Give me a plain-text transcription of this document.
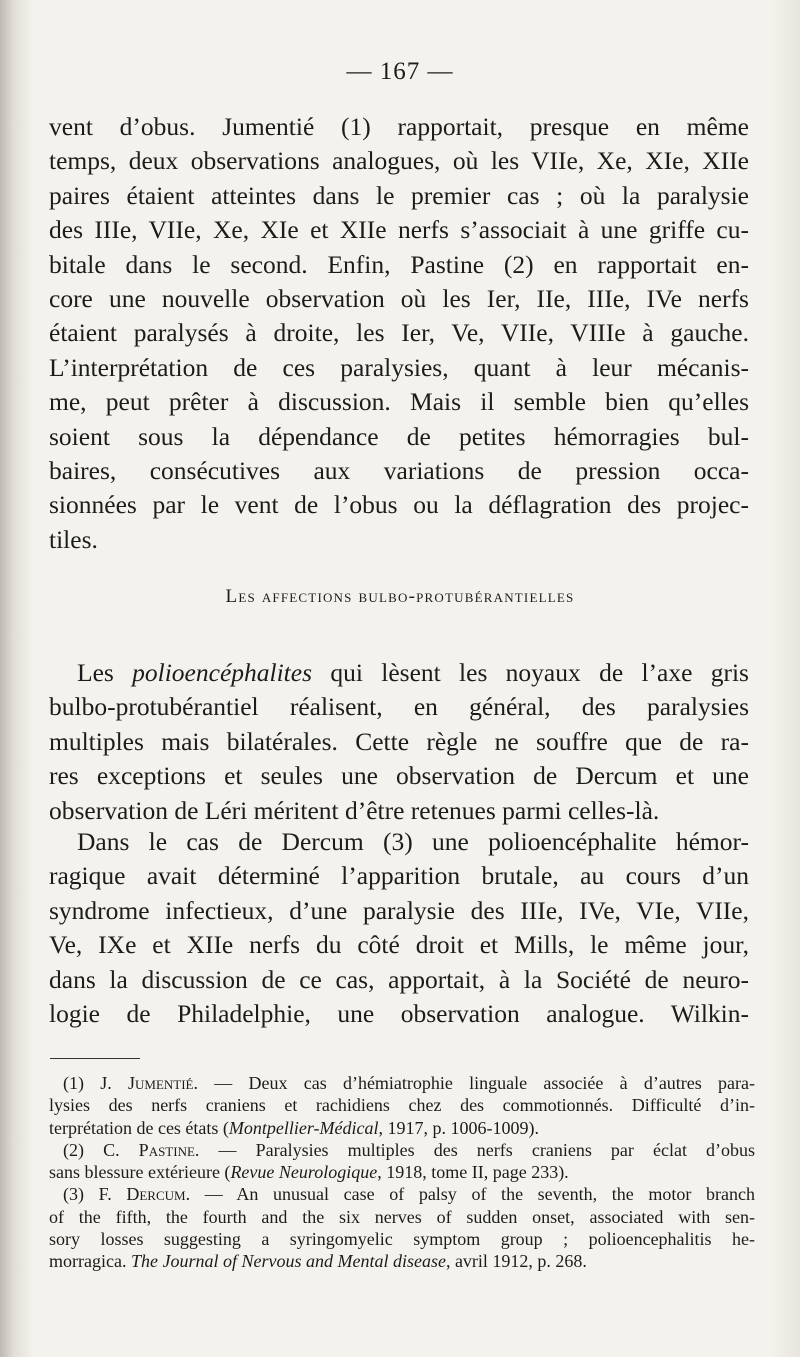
— 167 —
vent d’obus. Jumentié (1) rapportait, presque en même
temps, deux observations analogues, où les VIIe, Xe, XIe, XIIe
paires étaient atteintes dans le premier cas ; où la paralysie
des IIIe, VIIe, Xe, XIe et XIIe nerfs s’associait à une griffe cu-
bitale dans le second. Enfin, Pastine (2) en rapportait en-
core une nouvelle observation où les Ier, IIe, IIIe, IVe nerfs
étaient paralysés à droite, les Ier, Ve, VIIe, VIIIe à gauche.
L’interprétation de ces paralysies, quant à leur mécanis-
me, peut prêter à discussion. Mais il semble bien qu’elles
soient sous la dépendance de petites hémorragies bul-
baires, consécutives aux variations de pression occa-
sionnées par le vent de l’obus ou la déflagration des projec-
tiles.
Les affections bulbo-protubérantielles
Les polioencéphalites qui lèsent les noyaux de l’axe gris
bulbo-protubérantiel réalisent, en général, des paralysies
multiples mais bilatérales. Cette règle ne souffre que de ra-
res exceptions et seules une observation de Dercum et une
observation de Léri méritent d’être retenues parmi celles-là.
Dans le cas de Dercum (3) une polioencéphalite hémor-
ragique avait déterminé l’apparition brutale, au cours d’un
syndrome infectieux, d’une paralysie des IIIe, IVe, VIe, VIIe,
Ve, IXe et XIIe nerfs du côté droit et Mills, le même jour,
dans la discussion de ce cas, apportait, à la Société de neuro-
logie de Philadelphie, une observation analogue. Wilkin-
(1) J. Jumentié. — Deux cas d’hémiatrophie linguale associée à d’autres para-
lysies des nerfs craniens et rachidiens chez des commotionnés. Difficulté d’in-
terprétation de ces états (Montpellier-Médical, 1917, p. 1006-1009).
(2) C. Pastine. — Paralysies multiples des nerfs craniens par éclat d’obus
sans blessure extérieure (Revue Neurologique, 1918, tome II, page 233).
(3) F. Dercum. — An unusual case of palsy of the seventh, the motor branch
of the fifth, the fourth and the six nerves of sudden onset, associated with sen-
sory losses suggesting a syringomyelic symptom group ; polioencephalitis he-
morragica. The Journal of Nervous and Mental disease, avril 1912, p. 268.
